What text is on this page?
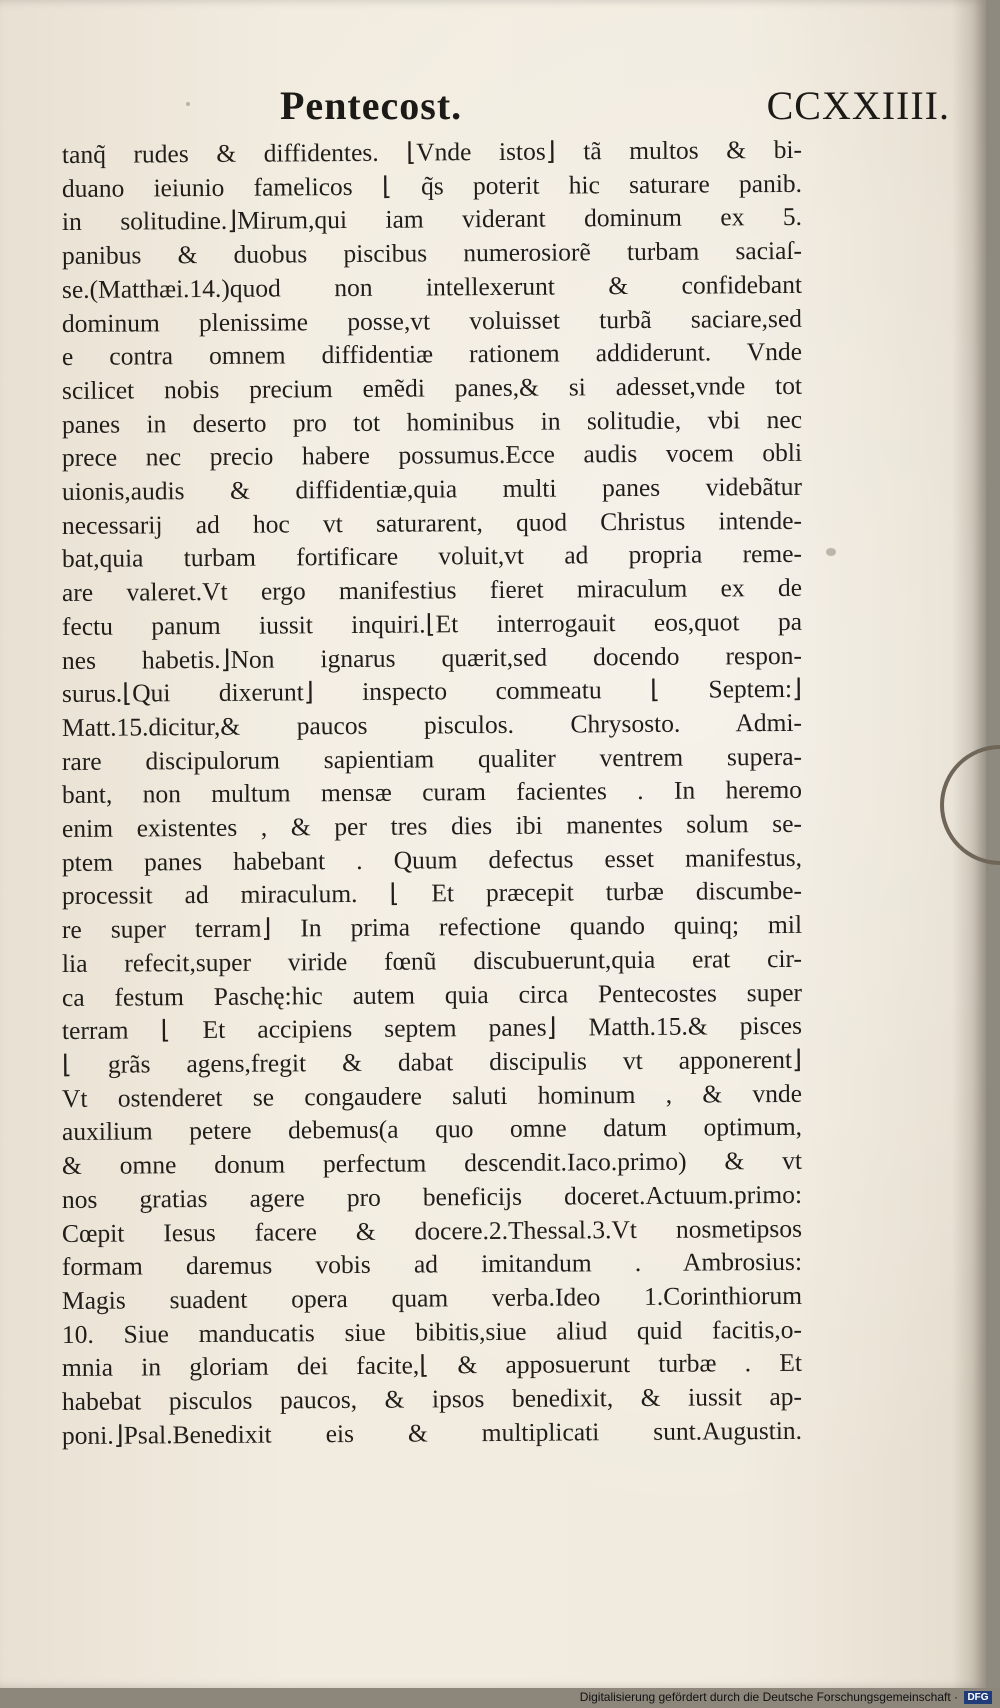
Pentecost.	CCXXIIII.
tanq̃ rudes & diffidentes. ⌊Vnde istos⌋ tã multos & bi-
duano ieiunio famelicos ⌊ q̃s poterit hic saturare panib.
in solitudine.⌋Mirum,qui iam viderant dominum ex 5.
panibus & duobus piscibus numerosiorẽ turbam saciaſ-
se.(Matthæi.14.)quod non intellexerunt & confidebant
dominum plenissime posse,vt voluisset turbã saciare,sed
e contra omnem diffidentiæ rationem addiderunt. Vnde
scilicet nobis precium emẽdi panes,& si adesset,vnde tot
panes in deserto pro tot hominibus in solitudie, vbi nec
prece nec precio habere possumus.Ecce audis vocem obli
uionis,audis & diffidentiæ,quia multi panes videbãtur
necessarij ad hoc vt saturarent, quod Christus intende-
bat,quia turbam fortificare voluit,vt ad propria reme-
are valeret.Vt ergo manifestius fieret miraculum ex de
fectu panum iussit inquiri.⌊Et interrogauit eos,quot pa
nes habetis.⌋Non ignarus quærit,sed docendo respon-
surus.⌊Qui dixerunt⌋ inspecto commeatu ⌊ Septem:⌋
Matt.15.dicitur,& paucos pisculos. Chrysosto. Admi-
rare discipulorum sapientiam qualiter ventrem supera-
bant, non multum mensæ curam facientes . In heremo
enim existentes , & per tres dies ibi manentes solum se-
ptem panes habebant . Quum defectus esset manifestus,
processit ad miraculum. ⌊ Et præcepit turbæ discumbe-
re super terram⌋ In prima refectione quando quinq; mil
lia refecit,super viride fœnũ discubuerunt,quia erat cir-
ca festum Paschę:hic autem quia circa Pentecostes super
terram ⌊ Et accipiens septem panes⌋ Matth.15.& pisces
⌊ grãs agens,fregit & dabat discipulis vt apponerent⌋
Vt ostenderet se congaudere saluti hominum , & vnde
auxilium petere debemus(a quo omne datum optimum,
& omne donum perfectum descendit.Iaco.primo) & vt
nos gratias agere pro beneficijs doceret.Actuum.primo:
Cœpit Iesus facere & docere.2.Thessal.3.Vt nosmetipsos
formam daremus vobis ad imitandum . Ambrosius:
Magis suadent opera quam verba.Ideo 1.Corinthiorum
10. Siue manducatis siue bibitis,siue aliud quid facitis,o-
mnia in gloriam dei facite,⌊ & apposuerunt turbæ . Et
habebat pisculos paucos, & ipsos benedixit, & iussit ap-
poni.⌋Psal.Benedixit eis & multiplicati sunt.Augustin.
Digitalisierung gefördert durch die Deutsche Forschungsgemeinschaft · DFG
